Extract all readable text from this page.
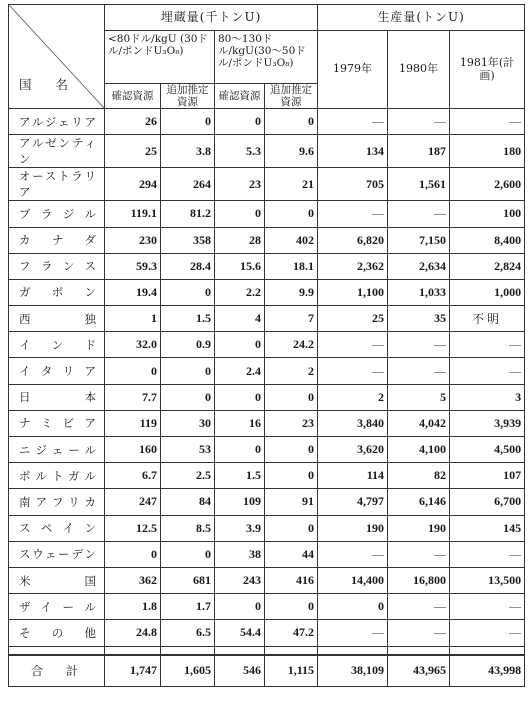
国 名	埋蔵量(千トンU)				生産量(トンU)		
	<80ドル/kgU (30ドル/ポンドU₃O₈)		80～130ドル/kgU(30～50ドル/ポンドU₃O₈)		1979年	1980年	1981年(計画)
	確認資源	追加推定資源	確認資源	追加推定資源			
アルジェリア	26	0	0	0	—	—	—
アルゼンティン	25	3.8	5.3	9.6	134	187	180
オーストラリア	294	264	23	21	705	1,561	2,600
ブラジル	119.1	81.2	0	0	—	—	100
カナダ	230	358	28	402	6,820	7,150	8,400
フランス	59.3	28.4	15.6	18.1	2,362	2,634	2,824
ガボン	19.4	0	2.2	9.9	1,100	1,033	1,000
西独	1	1.5	4	7	25	35	不明
インド	32.0	0.9	0	24.2	—	—	—
イタリア	0	0	2.4	2	—	—	—
日本	7.7	0	0	0	2	5	3
ナミビア	119	30	16	23	3,840	4,042	3,939
ニジェール	160	53	0	0	3,620	4,100	4,500
ポルトガル	6.7	2.5	1.5	0	114	82	107
南アフリカ	247	84	109	91	4,797	6,146	6,700
スペイン	12.5	8.5	3.9	0	190	190	145
スウェーデン	0	0	38	44	—	—	—
米国	362	681	243	416	14,400	16,800	13,500
ザイール	1.8	1.7	0	0	0	—	—
その他	24.8	6.5	54.4	47.2	—	—	—

合計	1,747	1,605	546	1,115	38,109	43,965	43,998
